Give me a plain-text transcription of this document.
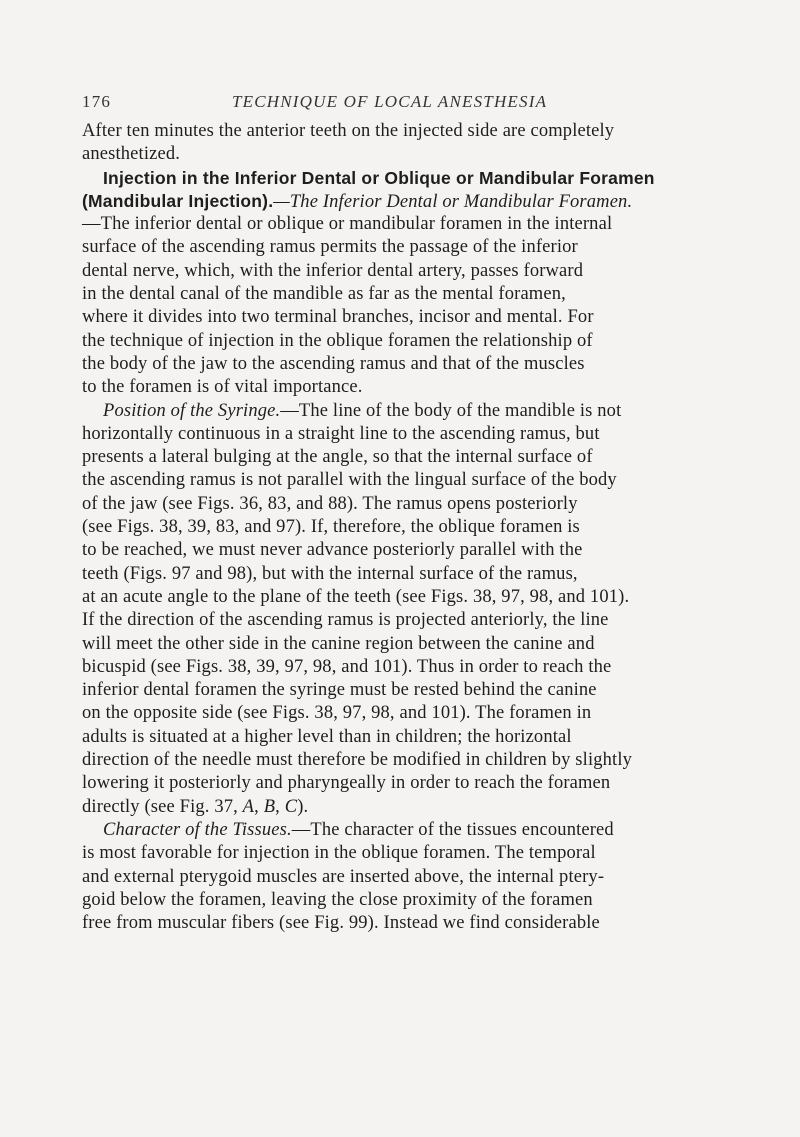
176	TECHNIQUE OF LOCAL ANESTHESIA
After ten minutes the anterior teeth on the injected side are completely
anesthetized.
Injection in the Inferior Dental or Oblique or Mandibular Foramen
(Mandibular Injection).—The Inferior Dental or Mandibular Foramen.
—The inferior dental or oblique or mandibular foramen in the internal
surface of the ascending ramus permits the passage of the inferior
dental nerve, which, with the inferior dental artery, passes forward
in the dental canal of the mandible as far as the mental foramen,
where it divides into two terminal branches, incisor and mental. For
the technique of injection in the oblique foramen the relationship of
the body of the jaw to the ascending ramus and that of the muscles
to the foramen is of vital importance.
Position of the Syringe.—The line of the body of the mandible is not
horizontally continuous in a straight line to the ascending ramus, but
presents a lateral bulging at the angle, so that the internal surface of
the ascending ramus is not parallel with the lingual surface of the body
of the jaw (see Figs. 36, 83, and 88). The ramus opens posteriorly
(see Figs. 38, 39, 83, and 97). If, therefore, the oblique foramen is
to be reached, we must never advance posteriorly parallel with the
teeth (Figs. 97 and 98), but with the internal surface of the ramus,
at an acute angle to the plane of the teeth (see Figs. 38, 97, 98, and 101).
If the direction of the ascending ramus is projected anteriorly, the line
will meet the other side in the canine region between the canine and
bicuspid (see Figs. 38, 39, 97, 98, and 101). Thus in order to reach the
inferior dental foramen the syringe must be rested behind the canine
on the opposite side (see Figs. 38, 97, 98, and 101). The foramen in
adults is situated at a higher level than in children; the horizontal
direction of the needle must therefore be modified in children by slightly
lowering it posteriorly and pharyngeally in order to reach the foramen
directly (see Fig. 37, A, B, C).
Character of the Tissues.—The character of the tissues encountered
is most favorable for injection in the oblique foramen. The temporal
and external pterygoid muscles are inserted above, the internal ptery-
goid below the foramen, leaving the close proximity of the foramen
free from muscular fibers (see Fig. 99). Instead we find considerable
